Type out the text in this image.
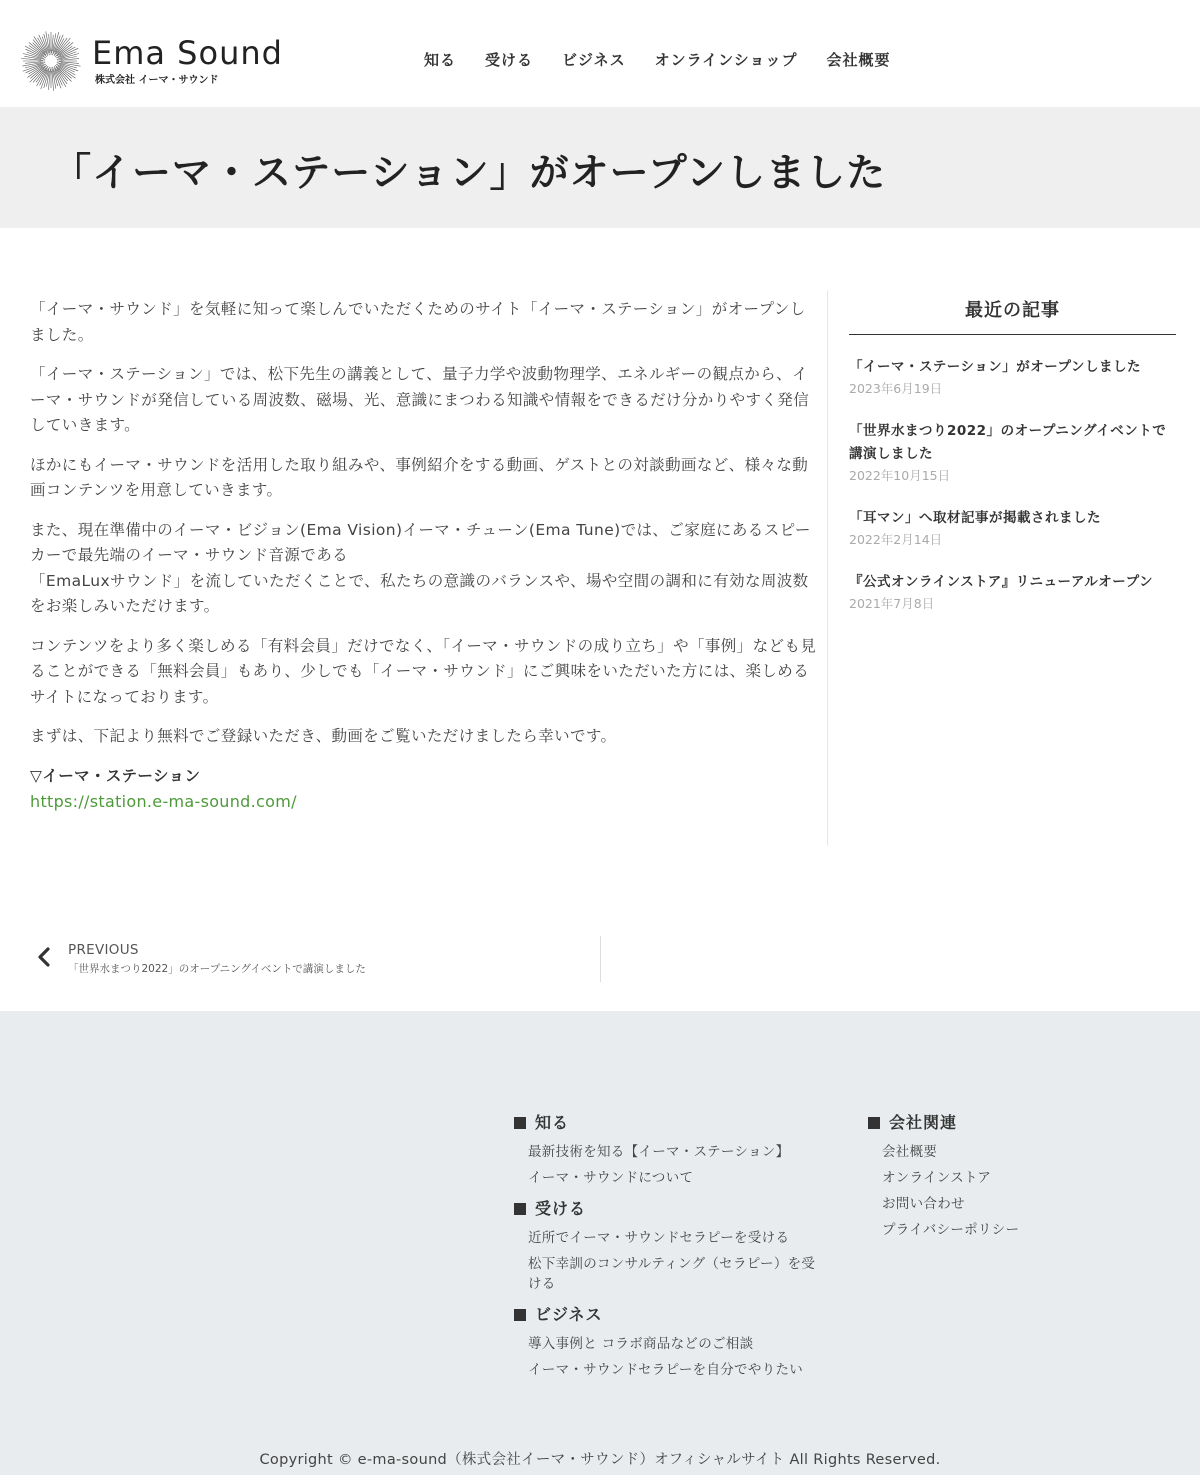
Ema Sound
株式会社 イーマ・サウンド
知る 受ける ビジネス オンラインショップ 会社概要
「イーマ・ステーション」がオープンしました

「イーマ・サウンド」を気軽に知って楽しんでいただくためのサイト「イーマ・ステーション」がオープンしました。

「イーマ・ステーション」では、松下先生の講義として、量子力学や波動物理学、エネルギーの観点から、イーマ・サウンドが発信している周波数、磁場、光、意識にまつわる知識や情報をできるだけ分かりやすく発信していきます。

ほかにもイーマ・サウンドを活用した取り組みや、事例紹介をする動画、ゲストとの対談動画など、様々な動画コンテンツを用意していきます。

また、現在準備中のイーマ・ビジョン(Ema Vision)イーマ・チューン(Ema Tune)では、ご家庭にあるスピーカーで最先端のイーマ・サウンド音源である

「EmaLuxサウンド」を流していただくことで、私たちの意識のバランスや、場や空間の調和に有効な周波数をお楽しみいただけます。

コンテンツをより多く楽しめる「有料会員」だけでなく、「イーマ・サウンドの成り立ち」や「事例」なども見ることができる「無料会員」もあり、少しでも「イーマ・サウンド」にご興味をいただいた方には、楽しめるサイトになっております。

まずは、下記より無料でご登録いただき、動画をご覧いただけましたら幸いです。

▽イーマ・ステーション

https://station.e-ma-sound.com/
最近の記事
「イーマ・ステーション」がオープンしました
2023年6月19日
「世界水まつり2022」のオープニングイベントで講演しました
2022年10月15日
「耳マン」へ取材記事が掲載されました
2022年2月14日
『公式オンラインストア』リニューアルオープン
2021年7月8日
PREVIOUS
「世界水まつり2022」のオープニングイベントで講演しました
知る
最新技術を知る【イーマ・ステーション】
イーマ・サウンドについて
受ける
近所でイーマ・サウンドセラピーを受ける
松下幸訓のコンサルティング（セラピー）を受ける
ビジネス
導入事例と コラボ商品などのご相談
イーマ・サウンドセラピーを自分でやりたい
会社関連
会社概要
オンラインストア
お問い合わせ
プライバシーポリシー
Copyright © e-ma-sound（株式会社イーマ・サウンド）オフィシャルサイト All Rights Reserved.
